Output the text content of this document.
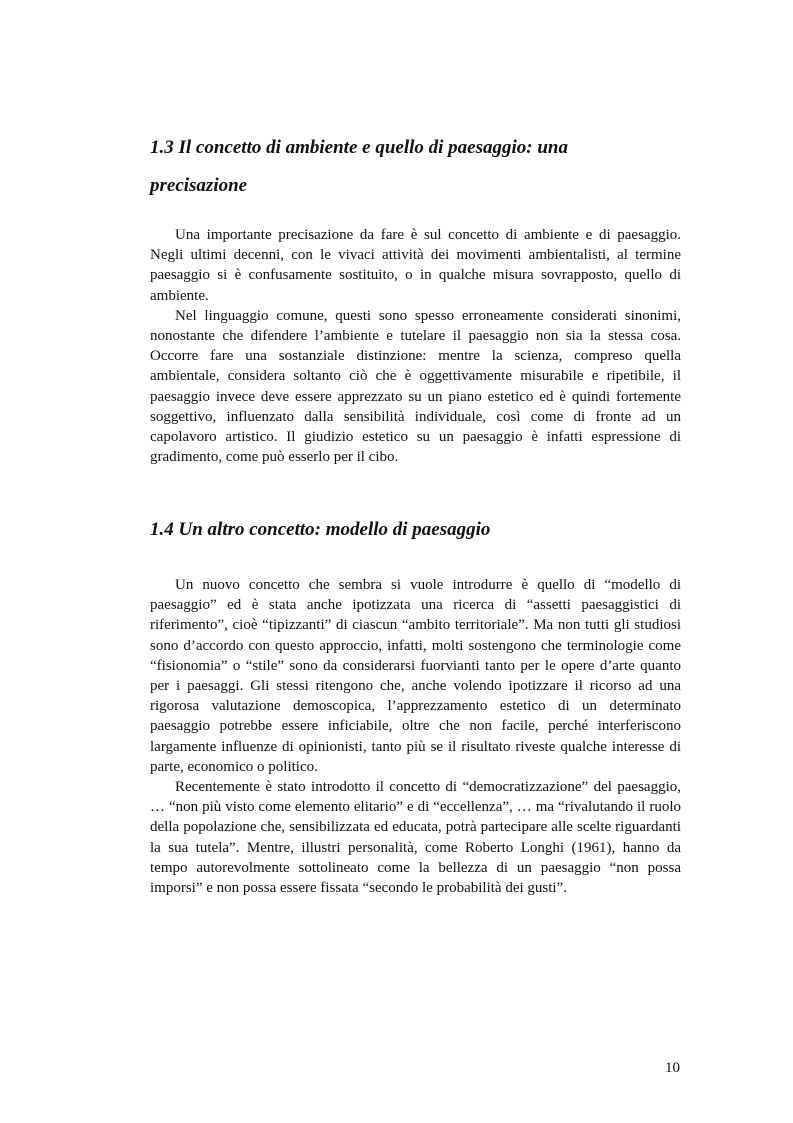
1.3 Il concetto di ambiente e quello di paesaggio: una
precisazione

Una importante precisazione da fare è sul concetto di ambiente e di paesaggio. Negli ultimi decenni, con le vivaci attività dei movimenti ambientalisti, al termine paesaggio si è confusamente sostituito, o in qualche misura sovrapposto, quello di ambiente.

Nel linguaggio comune, questi sono spesso erroneamente considerati sinonimi, nonostante che difendere l’ambiente e tutelare il paesaggio non sia la stessa cosa. Occorre fare una sostanziale distinzione: mentre la scienza, compreso quella ambientale, considera soltanto ciò che è oggettivamente misurabile e ripetibile, il paesaggio invece deve essere apprezzato su un piano estetico ed è quindi fortemente soggettivo, influenzato dalla sensibilità individuale, così come di fronte ad un capolavoro artistico. Il giudizio estetico su un paesaggio è infatti espressione di gradimento, come può esserlo per il cibo.

1.4 Un altro concetto: modello di paesaggio

Un nuovo concetto che sembra si vuole introdurre è quello di “modello di paesaggio” ed è stata anche ipotizzata una ricerca di “assetti paesaggistici di riferimento”, cioè “tipizzanti” di ciascun “ambito territoriale”. Ma non tutti gli studiosi sono d’accordo con questo approccio, infatti, molti sostengono che terminologie come “fisionomia” o “stile” sono da considerarsi fuorvianti tanto per le opere d’arte quanto per i paesaggi. Gli stessi ritengono che, anche volendo ipotizzare il ricorso ad una rigorosa valutazione demoscopica, l’apprezzamento estetico di un determinato paesaggio potrebbe essere inficiabile, oltre che non facile, perché interferiscono largamente influenze di opinionisti, tanto più se il risultato riveste qualche interesse di parte, economico o politico.

Recentemente è stato introdotto il concetto di “democratizzazione” del paesaggio, … “non più visto come elemento elitario” e di “eccellenza”, … ma “rivalutando il ruolo della popolazione che, sensibilizzata ed educata, potrà partecipare alle scelte riguardanti la sua tutela”. Mentre, illustri personalità, come Roberto Longhi (1961), hanno da tempo autorevolmente sottolineato come la bellezza di un paesaggio “non possa imporsi” e non possa essere fissata “secondo le probabilità dei gusti”.

10
